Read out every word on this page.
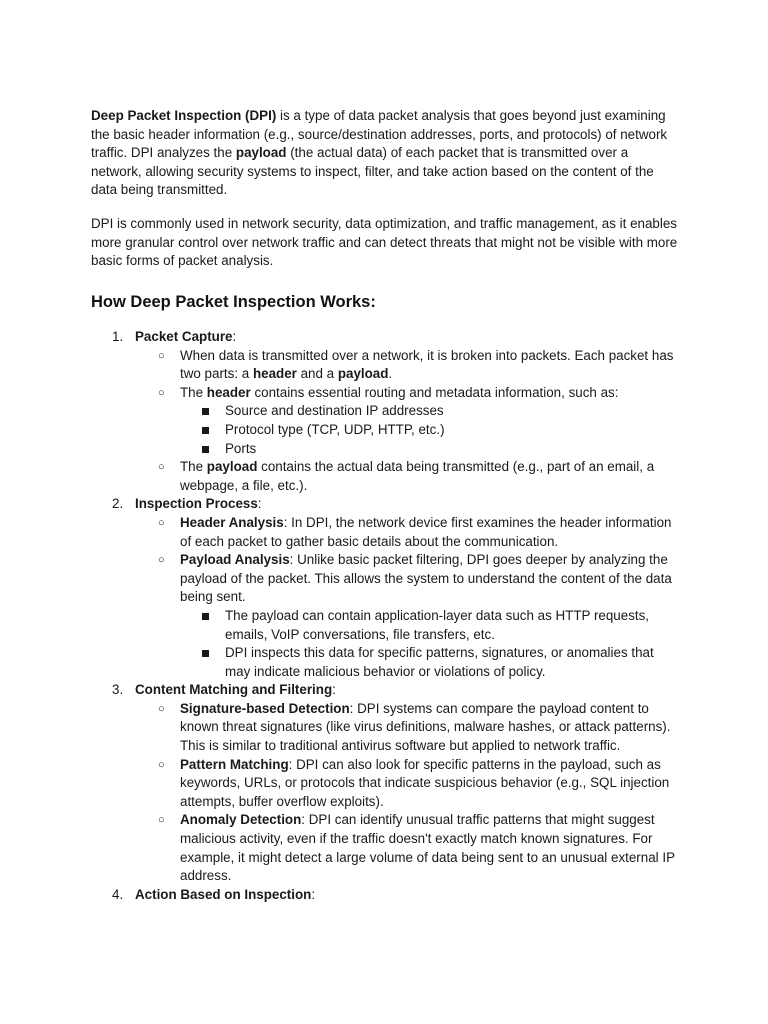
Deep Packet Inspection (DPI) is a type of data packet analysis that goes beyond just examining the basic header information (e.g., source/destination addresses, ports, and protocols) of network traffic. DPI analyzes the payload (the actual data) of each packet that is transmitted over a network, allowing security systems to inspect, filter, and take action based on the content of the data being transmitted.

DPI is commonly used in network security, data optimization, and traffic management, as it enables more granular control over network traffic and can detect threats that might not be visible with more basic forms of packet analysis.

How Deep Packet Inspection Works:
1. Packet Capture:
○ When data is transmitted over a network, it is broken into packets. Each packet has two parts: a header and a payload.
○ The header contains essential routing and metadata information, such as:
Source and destination IP addresses
Protocol type (TCP, UDP, HTTP, etc.)
Ports
○ The payload contains the actual data being transmitted (e.g., part of an email, a webpage, a file, etc.).
2. Inspection Process:
○ Header Analysis: In DPI, the network device first examines the header information of each packet to gather basic details about the communication.
○ Payload Analysis: Unlike basic packet filtering, DPI goes deeper by analyzing the payload of the packet. This allows the system to understand the content of the data being sent.
The payload can contain application-layer data such as HTTP requests, emails, VoIP conversations, file transfers, etc.
DPI inspects this data for specific patterns, signatures, or anomalies that may indicate malicious behavior or violations of policy.
3. Content Matching and Filtering:
○ Signature-based Detection: DPI systems can compare the payload content to known threat signatures (like virus definitions, malware hashes, or attack patterns). This is similar to traditional antivirus software but applied to network traffic.
○ Pattern Matching: DPI can also look for specific patterns in the payload, such as keywords, URLs, or protocols that indicate suspicious behavior (e.g., SQL injection attempts, buffer overflow exploits).
○ Anomaly Detection: DPI can identify unusual traffic patterns that might suggest malicious activity, even if the traffic doesn't exactly match known signatures. For example, it might detect a large volume of data being sent to an unusual external IP address.
4. Action Based on Inspection:
